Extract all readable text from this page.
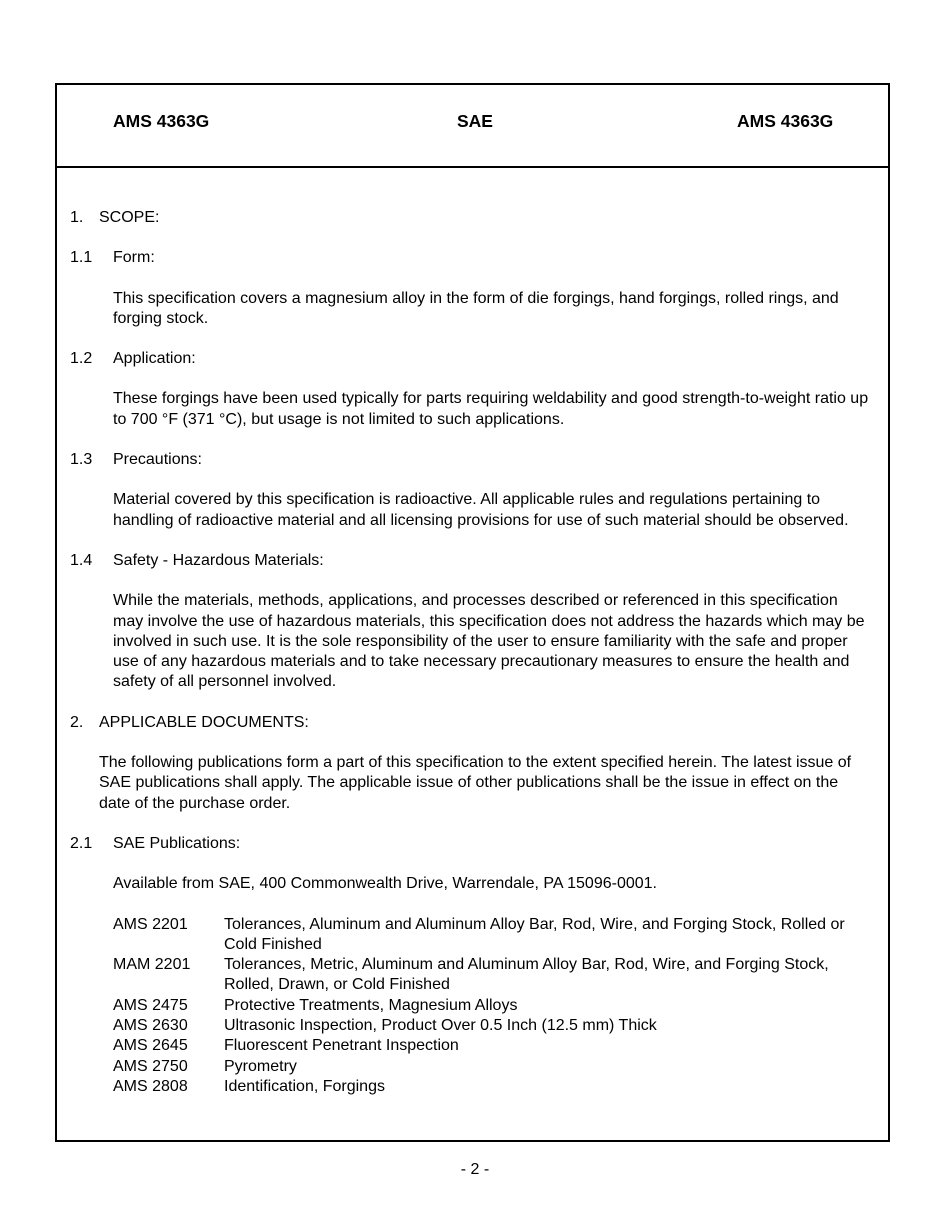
AMS 4363G	SAE	AMS 4363G
1. SCOPE:
1.1	Form:
This specification covers a magnesium alloy in the form of die forgings, hand forgings, rolled rings, and forging stock.
1.2	Application:
These forgings have been used typically for parts requiring weldability and good strength-to-weight ratio up to 700 °F (371 °C), but usage is not limited to such applications.
1.3	Precautions:
Material covered by this specification is radioactive. All applicable rules and regulations pertaining to handling of radioactive material and all licensing provisions for use of such material should be observed.
1.4	Safety - Hazardous Materials:
While the materials, methods, applications, and processes described or referenced in this specification may involve the use of hazardous materials, this specification does not address the hazards which may be involved in such use. It is the sole responsibility of the user to ensure familiarity with the safe and proper use of any hazardous materials and to take necessary precautionary measures to ensure the health and safety of all personnel involved.
2. APPLICABLE DOCUMENTS:
The following publications form a part of this specification to the extent specified herein. The latest issue of SAE publications shall apply. The applicable issue of other publications shall be the issue in effect on the date of the purchase order.
2.1	SAE Publications:
Available from SAE, 400 Commonwealth Drive, Warrendale, PA 15096-0001.
AMS 2201	Tolerances, Aluminum and Aluminum Alloy Bar, Rod, Wire, and Forging Stock, Rolled or Cold Finished
MAM 2201	Tolerances, Metric, Aluminum and Aluminum Alloy Bar, Rod, Wire, and Forging Stock, Rolled, Drawn, or Cold Finished
AMS 2475	Protective Treatments, Magnesium Alloys
AMS 2630	Ultrasonic Inspection, Product Over 0.5 Inch (12.5 mm) Thick
AMS 2645	Fluorescent Penetrant Inspection
AMS 2750	Pyrometry
AMS 2808	Identification, Forgings
- 2 -
